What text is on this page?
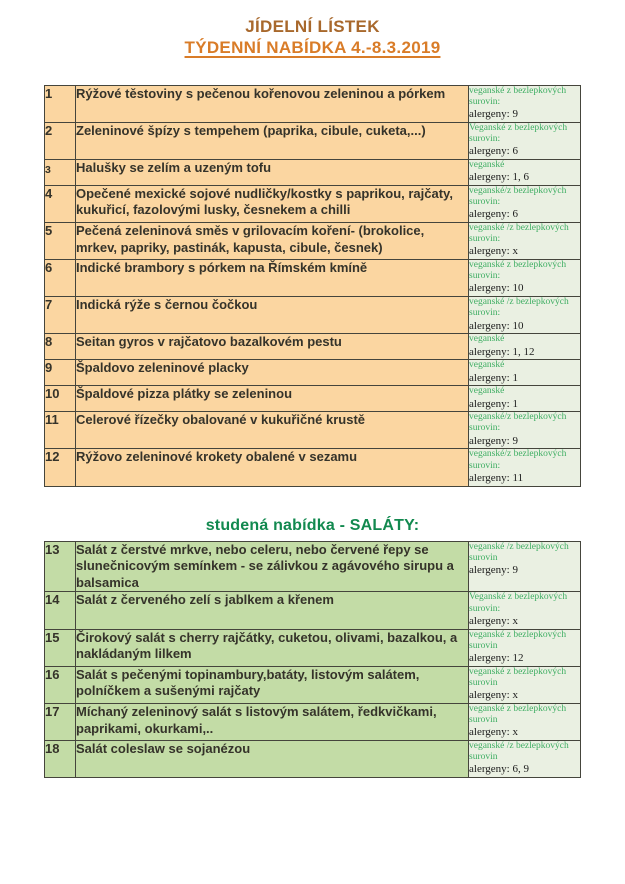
JÍDELNÍ LÍSTEK
TÝDENNÍ NABÍDKA 4.-8.3.2019
1	Rýžové těstoviny s pečenou kořenovou zeleninou a pórkem	veganské z bezlepkových surovin:
alergeny: 9

2	Zeleninové špízy s tempehem (paprika, cibule, cuketa,...)	Veganské z bezlepkových surovin:
alergeny: 6

3	Halušky se zelím a uzeným tofu	veganské
alergeny: 1, 6

4	Opečené mexické sojové nudličky/kostky s paprikou, rajčaty, kukuřicí, fazolovými lusky, česnekem a chilli	veganské/z bezlepkových surovin:
alergeny: 6

5	Pečená zeleninová směs v grilovacím koření- (brokolice, mrkev, papriky, pastinák, kapusta, cibule, česnek)	veganské /z bezlepkových surovin:
alergeny: x

6	Indické brambory s pórkem na Římském kmíně	veganské z bezlepkových surovin:
alergeny: 10

7	Indická rýže s černou čočkou	veganské /z bezlepkových surovin:
alergeny: 10

8	Seitan gyros v rajčatovo bazalkovém pestu	veganské
alergeny: 1, 12

9	Špaldovo zeleninové placky	veganské
alergeny: 1

10	Špaldové pizza plátky se zeleninou	veganské
alergeny: 1

11	Celerové řízečky obalované v kukuřičné krustě	veganské/z bezlepkových surovin:
alergeny: 9

12	Rýžovo zeleninové krokety obalené v sezamu	veganské/z bezlepkových surovin:
alergeny: 11
studená nabídka - SALÁTY:
13	Salát z čerstvé mrkve, nebo celeru, nebo červené řepy se slunečnicovým semínkem - se zálivkou z agávového sirupu a balsamica	veganské /z bezlepkových surovin
alergeny: 9

14	Salát z červeného zelí s jablkem a křenem	Veganské z bezlepkových surovin:
alergeny: x

15	Čirokový salát s cherry rajčátky, cuketou, olivami, bazalkou, a nakládaným lilkem	veganské z bezlepkových surovin
alergeny: 12

16	Salát s pečenými topinambury,batáty, listovým salátem, polníčkem a sušenými rajčaty	veganské z bezlepkových surovin
alergeny: x

17	Míchaný zeleninový salát s listovým salátem, ředkvičkami, paprikami, okurkami,..	veganské z bezlepkových surovin
alergeny: x

18	Salát coleslaw se sojanézou	veganské /z bezlepkových surovin
alergeny: 6, 9
